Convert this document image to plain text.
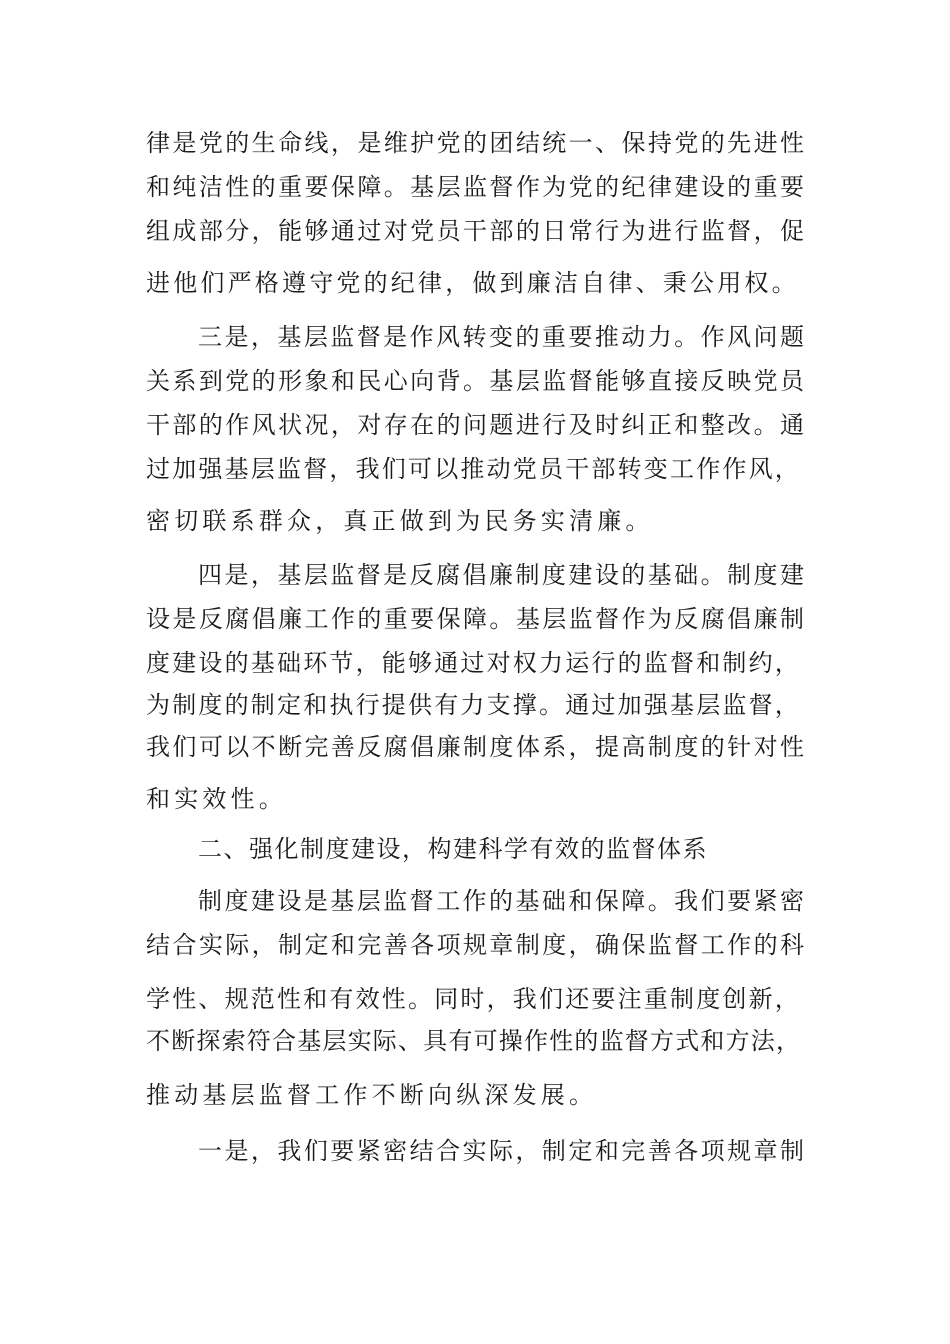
律是党的生命线，是维护党的团结统一、保持党的先进性
和纯洁性的重要保障。基层监督作为党的纪律建设的重要
组成部分，能够通过对党员干部的日常行为进行监督，促
进他们严格遵守党的纪律，做到廉洁自律、秉公用权。
三是，基层监督是作风转变的重要推动力。作风问题
关系到党的形象和民心向背。基层监督能够直接反映党员
干部的作风状况，对存在的问题进行及时纠正和整改。通
过加强基层监督，我们可以推动党员干部转变工作作风，
密切联系群众，真正做到为民务实清廉。
四是，基层监督是反腐倡廉制度建设的基础。制度建
设是反腐倡廉工作的重要保障。基层监督作为反腐倡廉制
度建设的基础环节，能够通过对权力运行的监督和制约，
为制度的制定和执行提供有力支撑。通过加强基层监督，
我们可以不断完善反腐倡廉制度体系，提高制度的针对性
和实效性。
二、强化制度建设，构建科学有效的监督体系
制度建设是基层监督工作的基础和保障。我们要紧密
结合实际，制定和完善各项规章制度，确保监督工作的科
学性、规范性和有效性。同时，我们还要注重制度创新，
不断探索符合基层实际、具有可操作性的监督方式和方法，
推动基层监督工作不断向纵深发展。
一是，我们要紧密结合实际，制定和完善各项规章制
